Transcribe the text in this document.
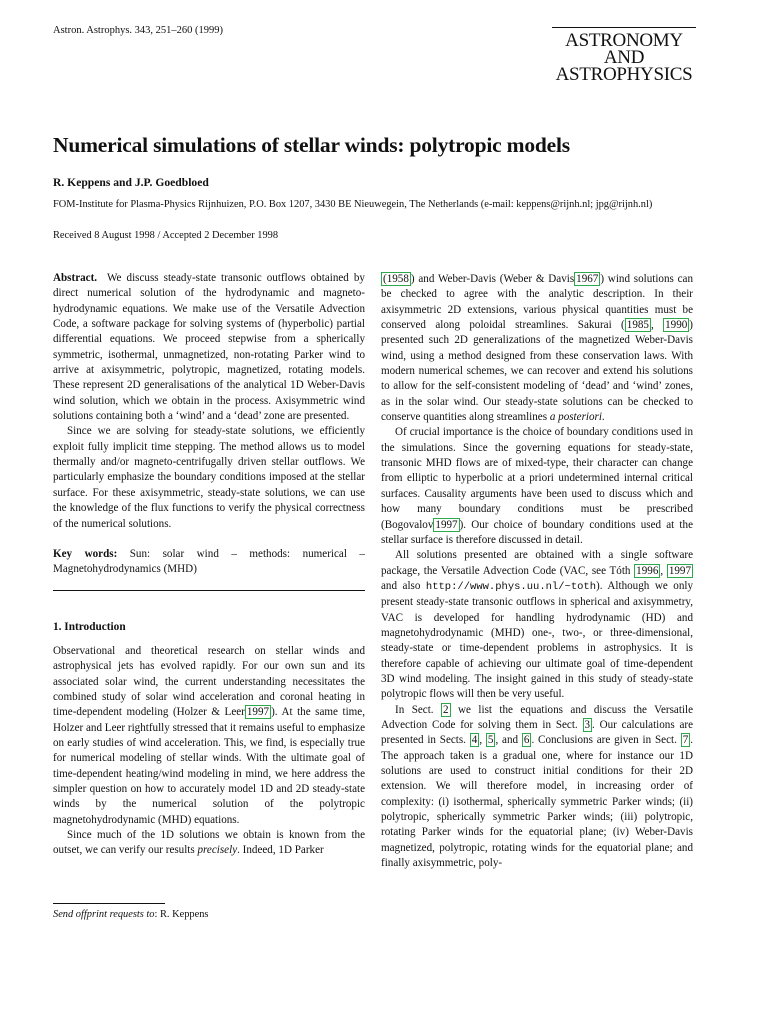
Astron. Astrophys. 343, 251–260 (1999)	ASTRONOMY
AND
ASTROPHYSICS
Numerical simulations of stellar winds: polytropic models
R. Keppens and J.P. Goedbloed
FOM-Institute for Plasma-Physics Rijnhuizen, P.O. Box 1207, 3430 BE Nieuwegein, The Netherlands (e-mail: keppens@rijnh.nl; jpg@rijnh.nl)
Received 8 August 1998 / Accepted 2 December 1998

Abstract. We discuss steady-state transonic outflows obtained by direct numerical solution of the hydrodynamic and magneto-hydrodynamic equations. We make use of the Versatile Advection Code, a software package for solving systems of (hyperbolic) partial differential equations. We proceed stepwise from a spherically symmetric, isothermal, unmagnetized, non-rotating Parker wind to arrive at axisymmetric, polytropic, magnetized, rotating models. These represent 2D generalisations of the analytical 1D Weber-Davis wind solution, which we obtain in the process. Axisymmetric wind solutions containing both a ‘wind’ and a ‘dead’ zone are presented.

Since we are solving for steady-state solutions, we efficiently exploit fully implicit time stepping. The method allows us to model thermally and/or magneto-centrifugally driven stellar outflows. We particularly emphasize the boundary conditions imposed at the stellar surface. For these axisymmetric, steady-state solutions, we can use the knowledge of the flux functions to verify the physical correctness of the numerical solutions.

Key words: Sun: solar wind – methods: numerical – Magnetohydrodynamics (MHD)

1. Introduction

Observational and theoretical research on stellar winds and astrophysical jets has evolved rapidly. For our own sun and its associated solar wind, the current understanding necessitates the combined study of solar wind acceleration and coronal heating in time-dependent modeling (Holzer & Leer 1997 ). At the same time, Holzer and Leer rightfully stressed that it remains useful to emphasize on early studies of wind acceleration. This, we find, is especially true for numerical modeling of stellar winds. With the ultimate goal of time-dependent heating/wind modeling in mind, we here address the simpler question on how to accurately model 1D and 2D steady-state winds by the numerical solution of the polytropic magnetohydrodynamic (MHD) equations.

Since much of the 1D solutions we obtain is known from the outset, we can verify our results precisely. Indeed, 1D Parker

(1958 ) and Weber-Davis (Weber & Davis 1967 ) wind solutions can be checked to agree with the analytic description. In their axisymmetric 2D extensions, various physical quantities must be conserved along poloidal streamlines. Sakurai ( 1985 , 1990 ) presented such 2D generalizations of the magnetized Weber-Davis wind, using a method designed from these conservation laws. With modern numerical schemes, we can recover and extend his solutions to allow for the self-consistent modeling of ‘dead’ and ‘wind’ zones, as in the solar wind. Our steady-state solutions can be checked to conserve quantities along streamlines a posteriori.

Of crucial importance is the choice of boundary conditions used in the simulations. Since the governing equations for steady-state, transonic MHD flows are of mixed-type, their character can change from elliptic to hyperbolic at a priori undetermined internal critical surfaces. Causality arguments have been used to discuss which and how many boundary conditions must be prescribed (Bogovalov 1997 ). Our choice of boundary conditions used at the stellar surface is therefore discussed in detail.

All solutions presented are obtained with a single software package, the Versatile Advection Code (VAC, see Tóth 1996 , 1997 and also http://www.phys.uu.nl/~toth). Although we only present steady-state transonic outflows in spherical and axisymmetry, VAC is developed for handling hydrodynamic (HD) and magnetohydrodynamic (MHD) one-, two-, or three-dimensional, steady-state or time-dependent problems in astrophysics. It is therefore capable of achieving our ultimate goal of time-dependent 3D wind modeling. The insight gained in this study of steady-state polytropic flows will then be very useful.

In Sect. 2 we list the equations and discuss the Versatile Advection Code for solving them in Sect. 3 . Our calculations are presented in Sects. 4 , 5 , and 6 . Conclusions are given in Sect. 7 . The approach taken is a gradual one, where for instance our 1D solutions are used to construct initial conditions for their 2D extension. We will therefore model, in increasing order of complexity: (i) isothermal, spherically symmetric Parker winds; (ii) polytropic, spherically symmetric Parker winds; (iii) polytropic, rotating Parker winds for the equatorial plane; (iv) Weber-Davis magnetized, polytropic, rotating winds for the equatorial plane; and finally axisymmetric, poly-

Send offprint requests to: R. Keppens
